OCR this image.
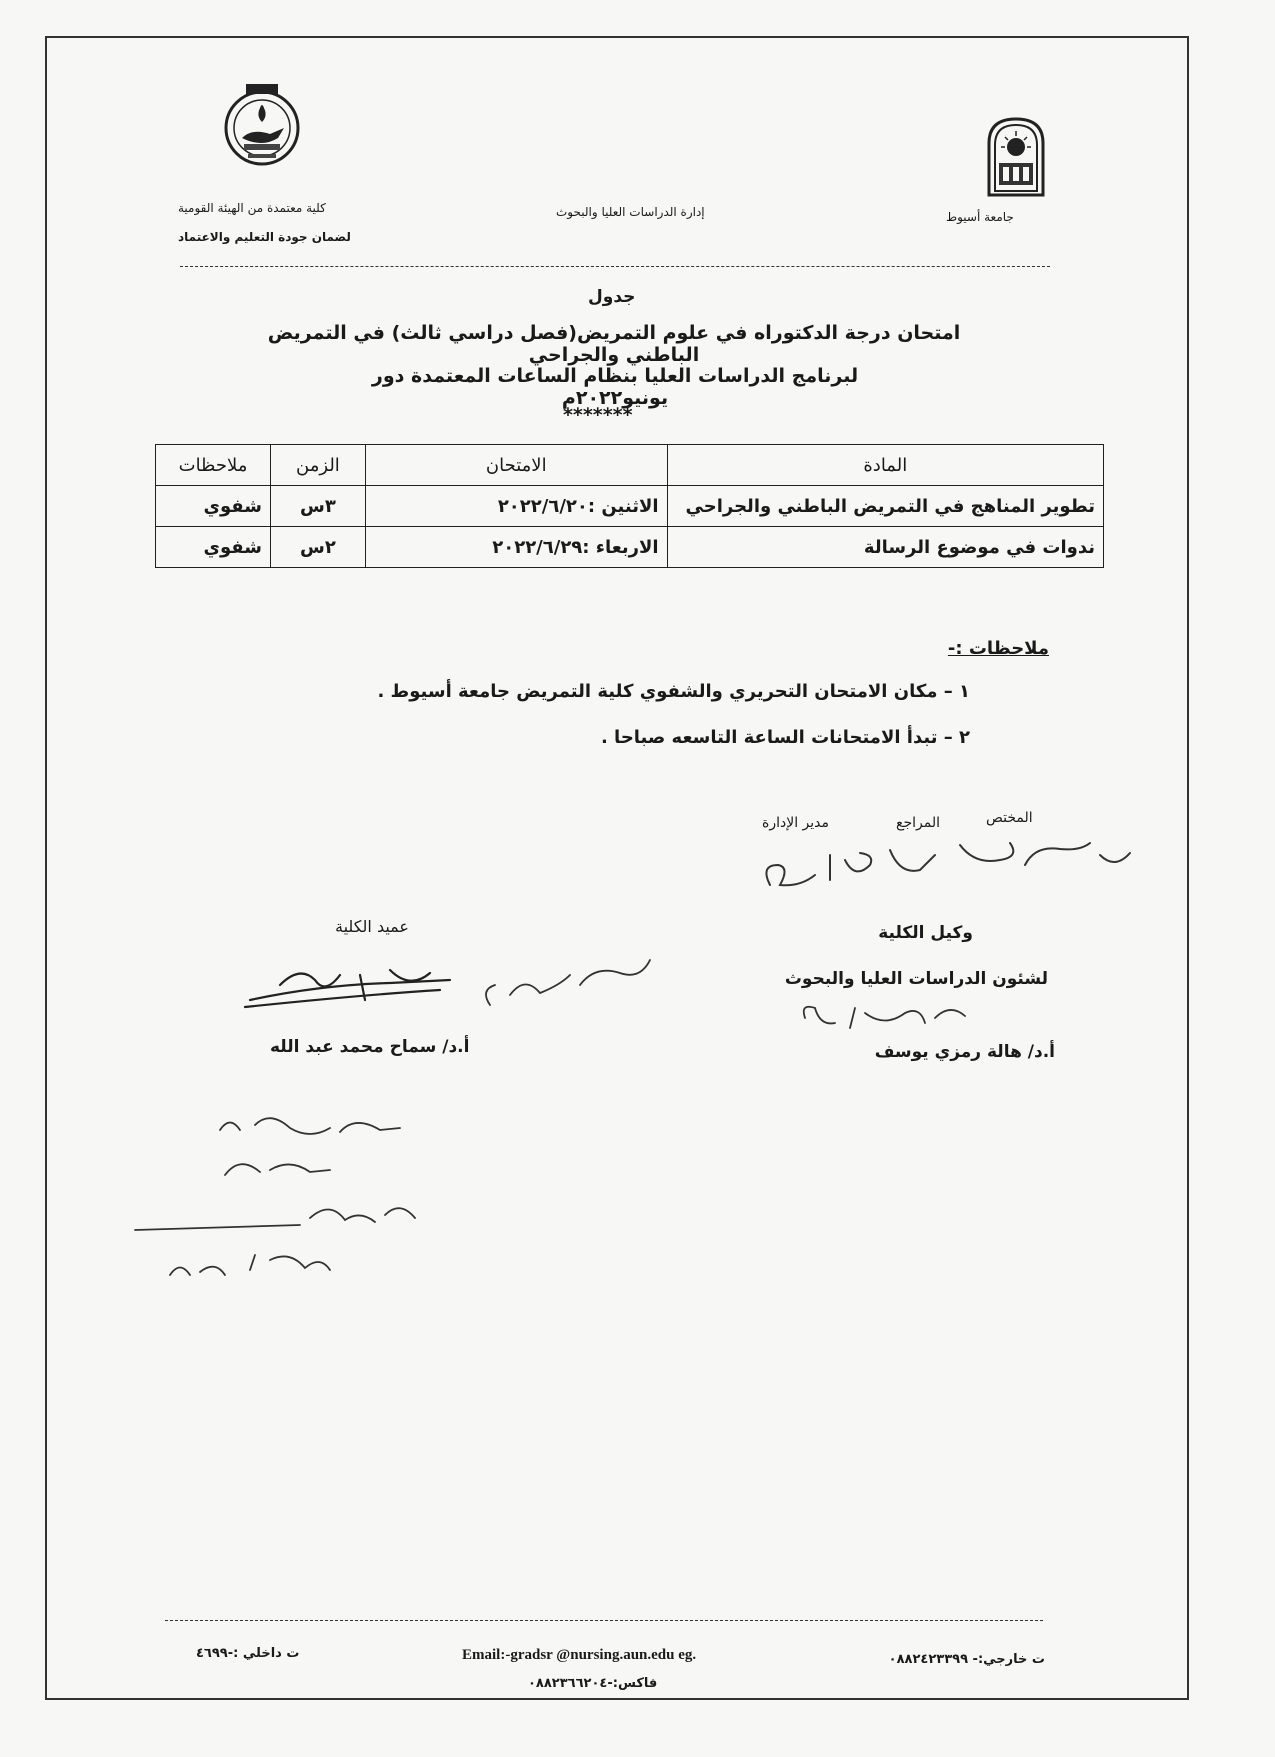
جامعة أسيوط
إدارة الدراسات العليا والبحوث
كلية معتمدة من الهيئة القومية
لضمان جودة التعليم والاعتماد
جدول
امتحان درجة الدكتوراه في علوم التمريض(فصل دراسي ثالث) في التمريض الباطني والجراحي
لبرنامج الدراسات العليا بنظام الساعات المعتمدة دور يونيو٢٠٢٢م
*******
المادة	الامتحان	الزمن	ملاحظات
تطوير المناهج في التمريض الباطني والجراحي	الاثنين :٢٠٢٢/٦/٢٠	٣س	شفوي
ندوات في موضوع الرسالة	الاربعاء :٢٠٢٢/٦/٢٩	٢س	شفوي
ملاحظات :-
١ – مكان الامتحان التحريري والشفوي كلية التمريض جامعة أسيوط .
٢ – تبدأ الامتحانات الساعة التاسعه صباحا .
المختص
المراجع
مدير الإدارة
وكيل الكلية
لشئون الدراسات العليا والبحوث
أ.د/ هالة رمزي يوسف
عميد الكلية
أ.د/ سماح محمد عبد الله
ت خارجي:- ٠٨٨٢٤٢٣٣٩٩
Email:-gradsr @nursing.aun.edu eg.
ت داخلي :-٤٦٩٩
فاكس:-٠٨٨٢٣٦٦٢٠٤
